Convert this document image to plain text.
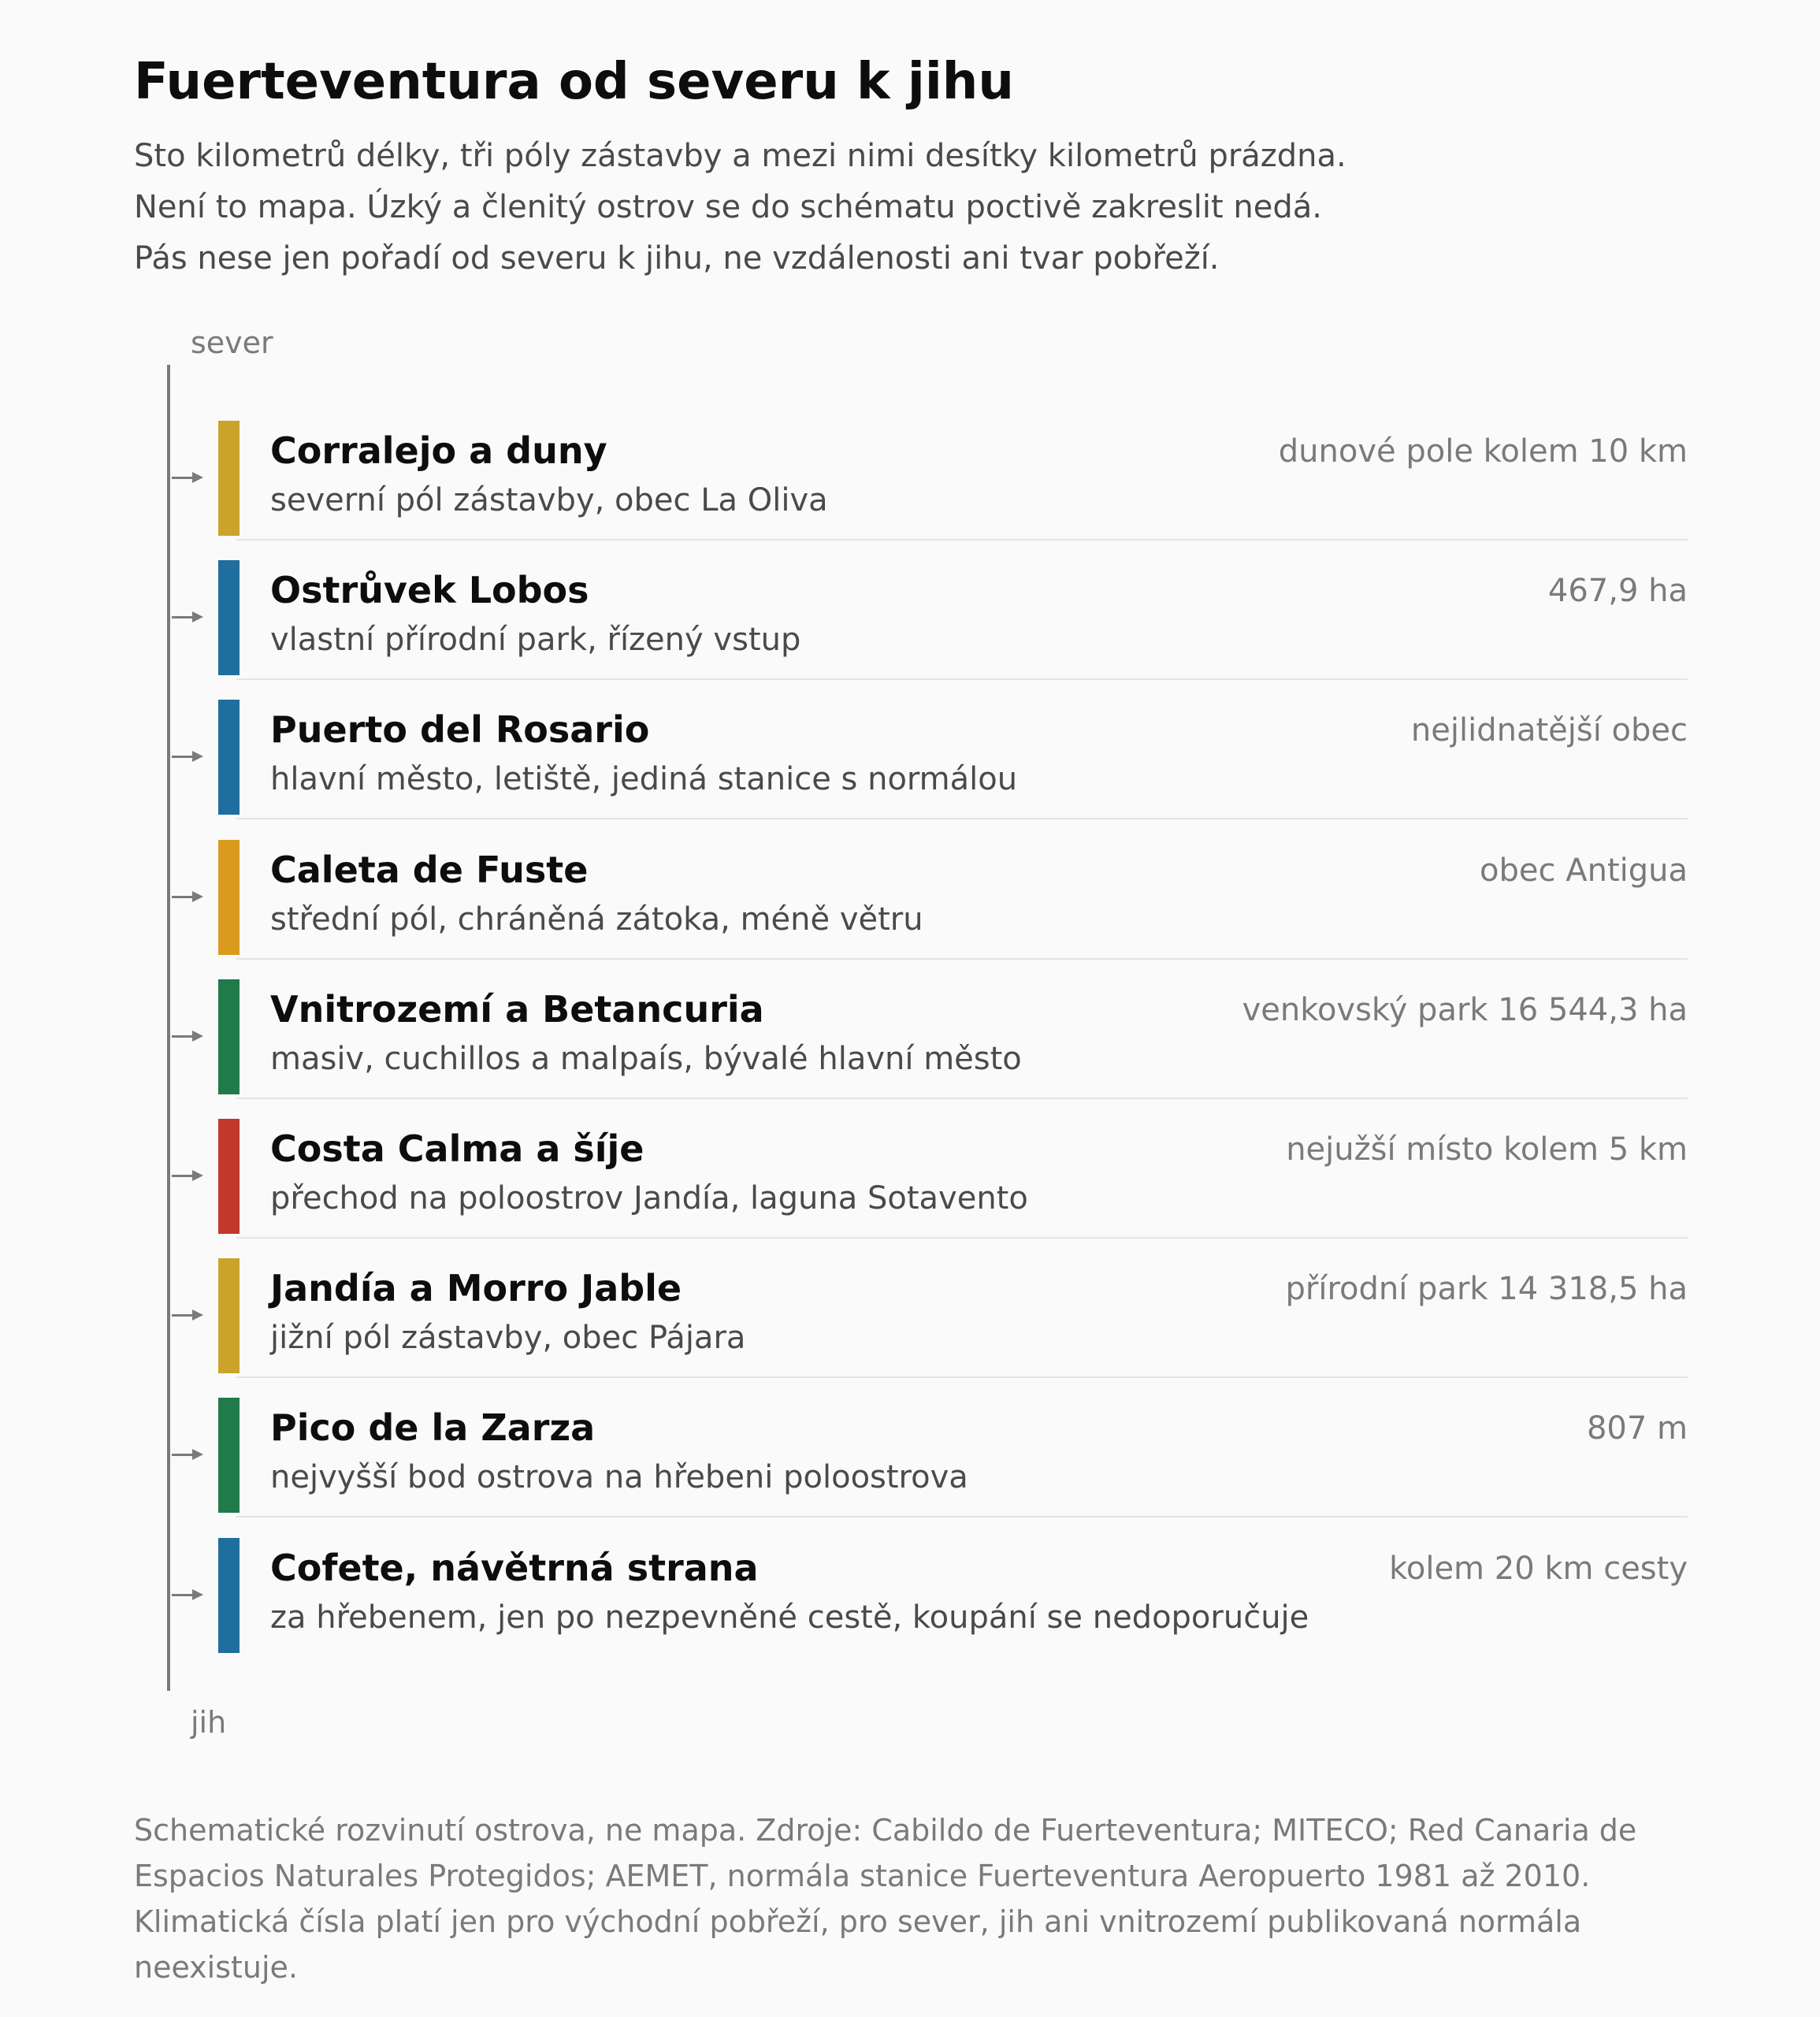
Fuerteventura od severu k jihu
Sto kilometrů délky, tři póly zástavby a mezi nimi desítky kilometrů prázdna.
Není to mapa. Úzký a členitý ostrov se do schématu poctivě zakreslit nedá.
Pás nese jen pořadí od severu k jihu, ne vzdálenosti ani tvar pobřeží.
sever
jih
Corralejo a duny
severní pól zástavby, obec La Oliva
dunové pole kolem 10 km
Ostrůvek Lobos
vlastní přírodní park, řízený vstup
467,9 ha
Puerto del Rosario
hlavní město, letiště, jediná stanice s normálou
nejlidnatější obec
Caleta de Fuste
střední pól, chráněná zátoka, méně větru
obec Antigua
Vnitrozemí a Betancuria
masiv, cuchillos a malpaís, bývalé hlavní město
venkovský park 16 544,3 ha
Costa Calma a šíje
přechod na poloostrov Jandía, laguna Sotavento
nejužší místo kolem 5 km
Jandía a Morro Jable
jižní pól zástavby, obec Pájara
přírodní park 14 318,5 ha
Pico de la Zarza
nejvyšší bod ostrova na hřebeni poloostrova
807 m
Cofete, návětrná strana
za hřebenem, jen po nezpevněné cestě, koupání se nedoporučuje
kolem 20 km cesty
Schematické rozvinutí ostrova, ne mapa. Zdroje: Cabildo de Fuerteventura; MITECO; Red Canaria de
Espacios Naturales Protegidos; AEMET, normála stanice Fuerteventura Aeropuerto 1981 až 2010.
Klimatická čísla platí jen pro východní pobřeží, pro sever, jih ani vnitrozemí publikovaná normála
neexistuje.
